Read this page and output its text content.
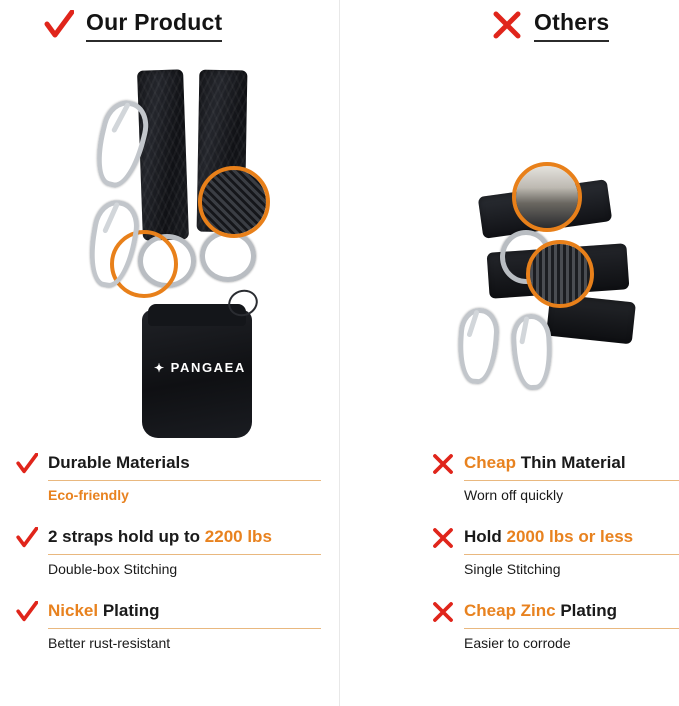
Our Product	Others
✦ PANGAEA
Durable Materials
Eco-friendly
2 straps hold up to 2200 lbs
Double-box Stitching
Nickel Plating
Better rust-resistant
Cheap Thin Material
Worn off quickly
Hold 2000 lbs or less
Single Stitching
Cheap Zinc Plating
Easier to corrode
